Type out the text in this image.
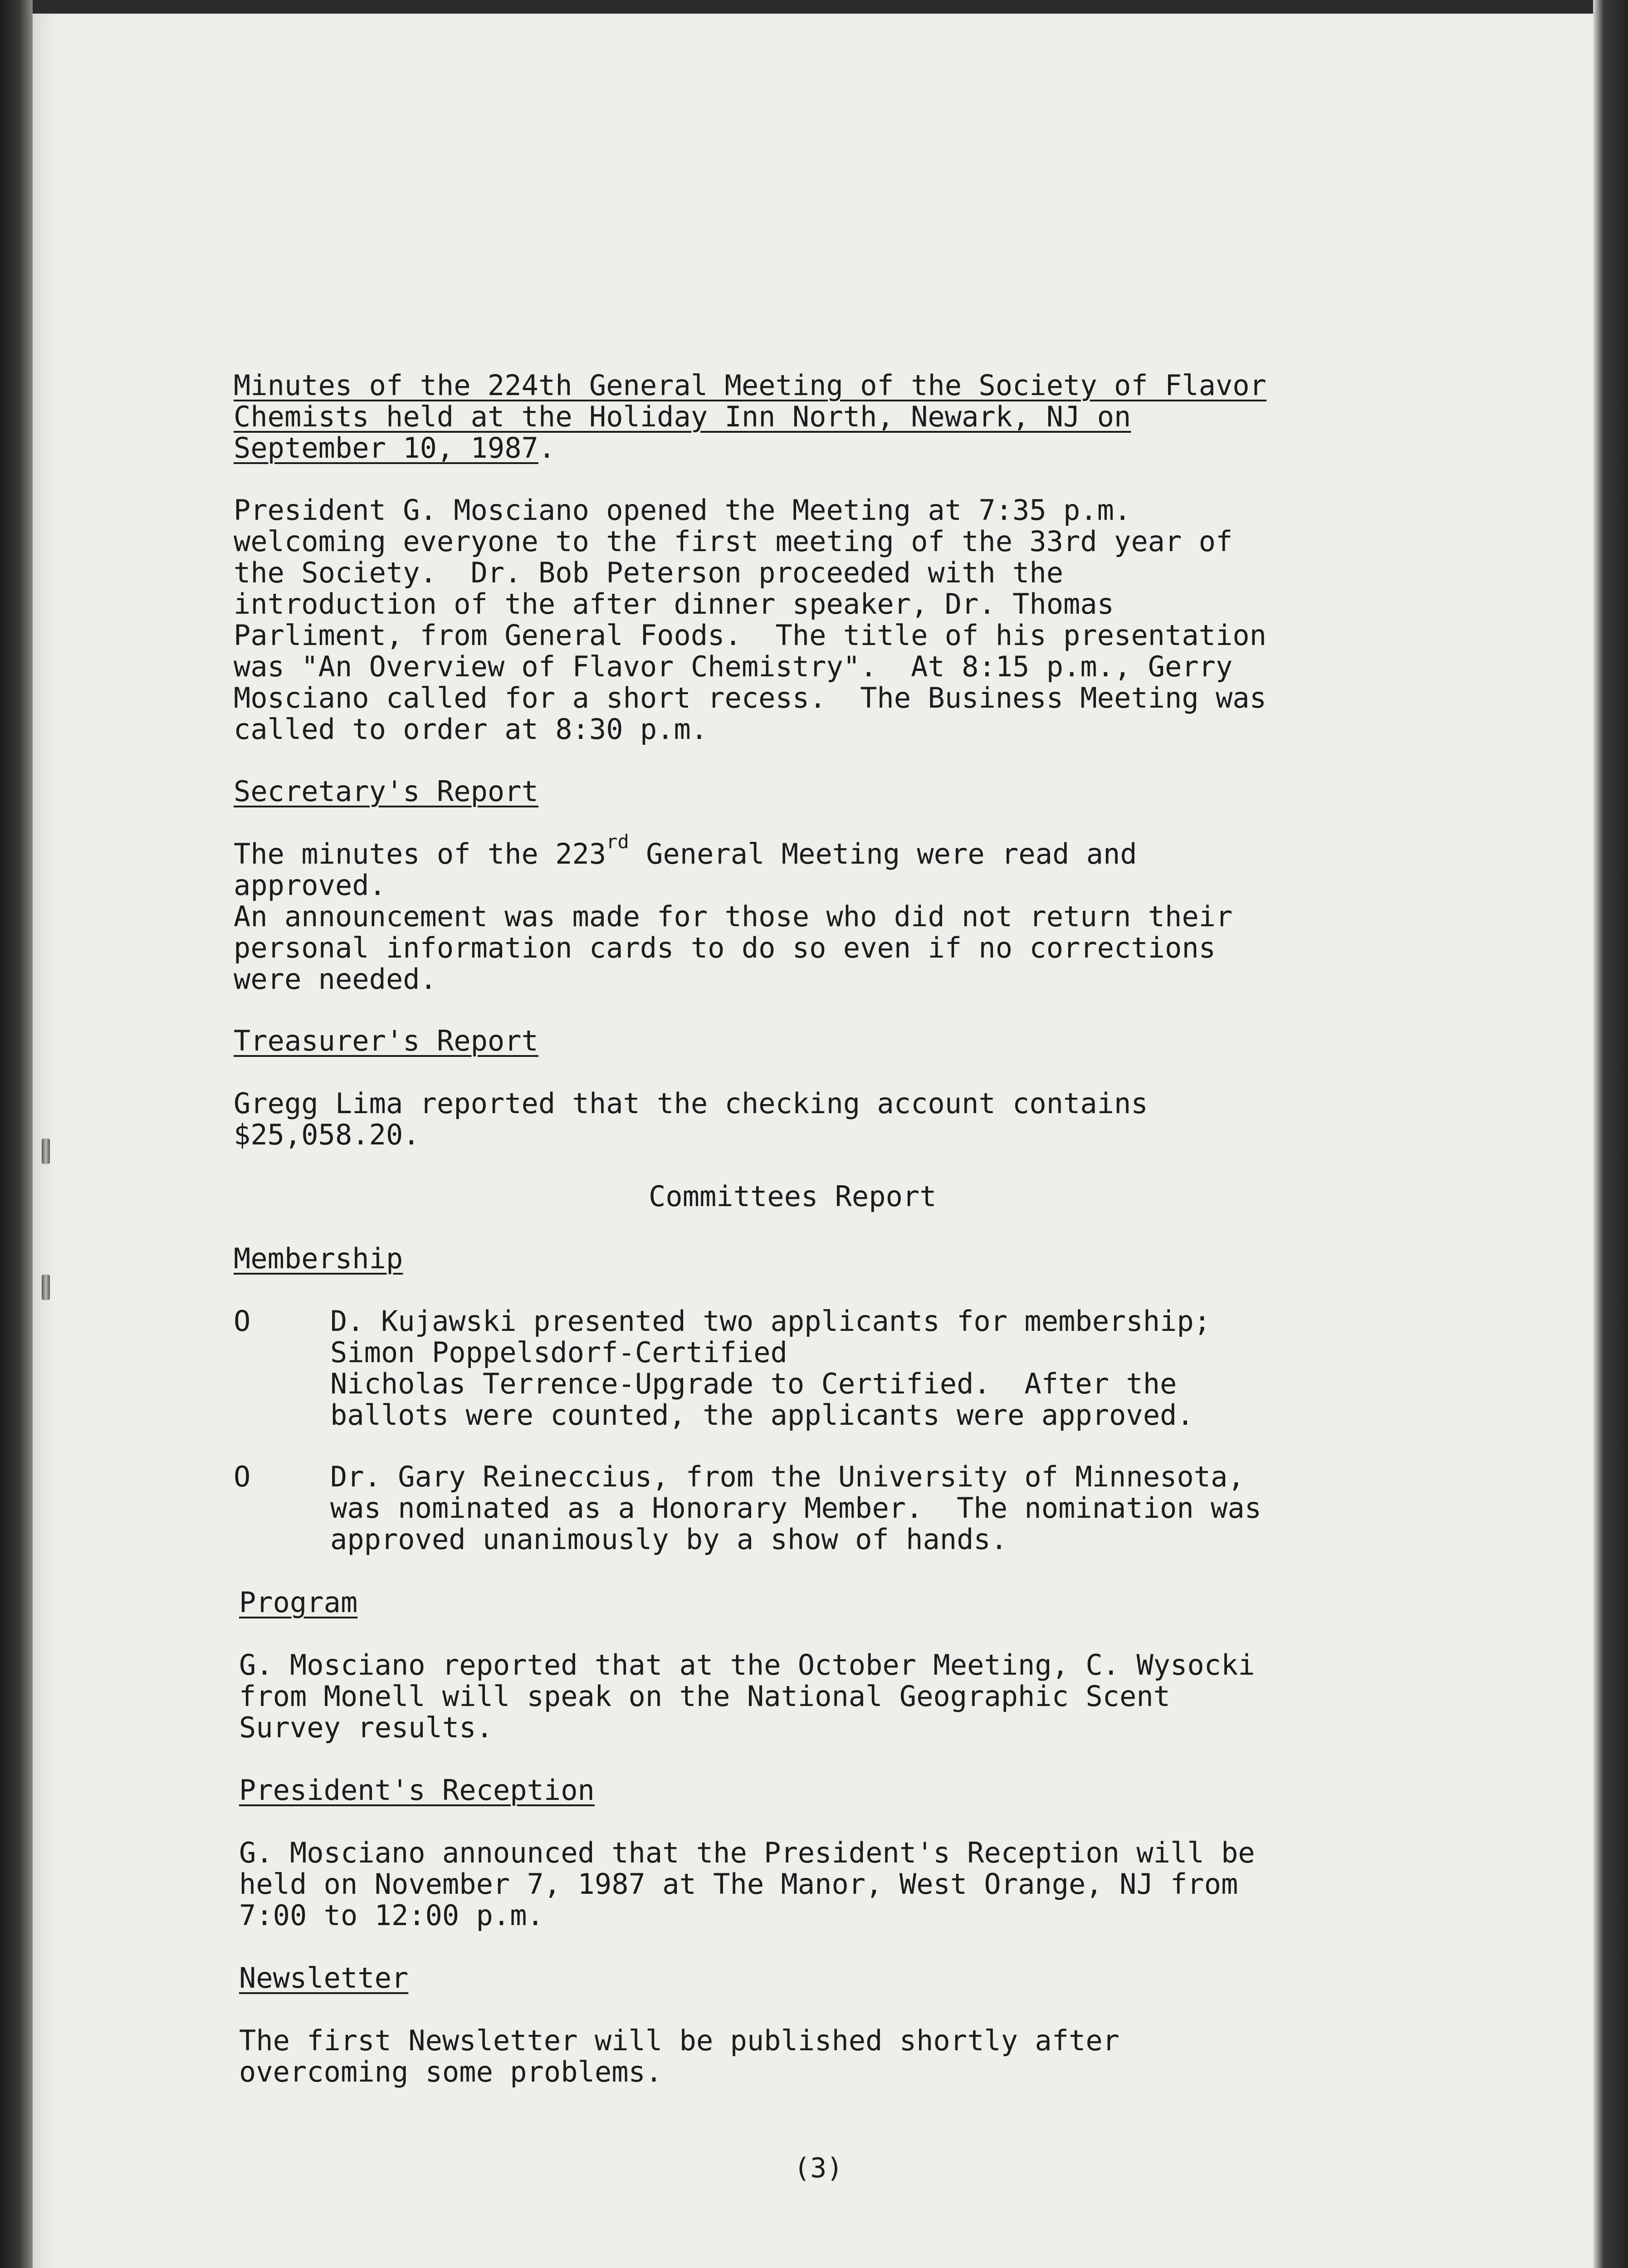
Minutes of the 224th General Meeting of the Society of Flavor
Chemists held at the Holiday Inn North, Newark, NJ on
September 10, 1987.
President G. Mosciano opened the Meeting at 7:35 p.m.
welcoming everyone to the first meeting of the 33rd year of
the Society.  Dr. Bob Peterson proceeded with the
introduction of the after dinner speaker, Dr. Thomas
Parliment, from General Foods.  The title of his presentation
was "An Overview of Flavor Chemistry".  At 8:15 p.m., Gerry
Mosciano called for a short recess.  The Business Meeting was
called to order at 8:30 p.m.
Secretary's Report
The minutes of the 223rd General Meeting were read and
approved.
An announcement was made for those who did not return their
personal information cards to do so even if no corrections
were needed.
Treasurer's Report
Gregg Lima reported that the checking account contains
$25,058.20.
Committees Report
Membership
O	D. Kujawski presented two applicants for membership;
Simon Poppelsdorf-Certified
Nicholas Terrence-Upgrade to Certified.  After the
ballots were counted, the applicants were approved.
O	Dr. Gary Reineccius, from the University of Minnesota,
was nominated as a Honorary Member.  The nomination was
approved unanimously by a show of hands.
Program
G. Mosciano reported that at the October Meeting, C. Wysocki
from Monell will speak on the National Geographic Scent
Survey results.
President's Reception
G. Mosciano announced that the President's Reception will be
held on November 7, 1987 at The Manor, West Orange, NJ from
7:00 to 12:00 p.m.
Newsletter
The first Newsletter will be published shortly after
overcoming some problems.
(3)
